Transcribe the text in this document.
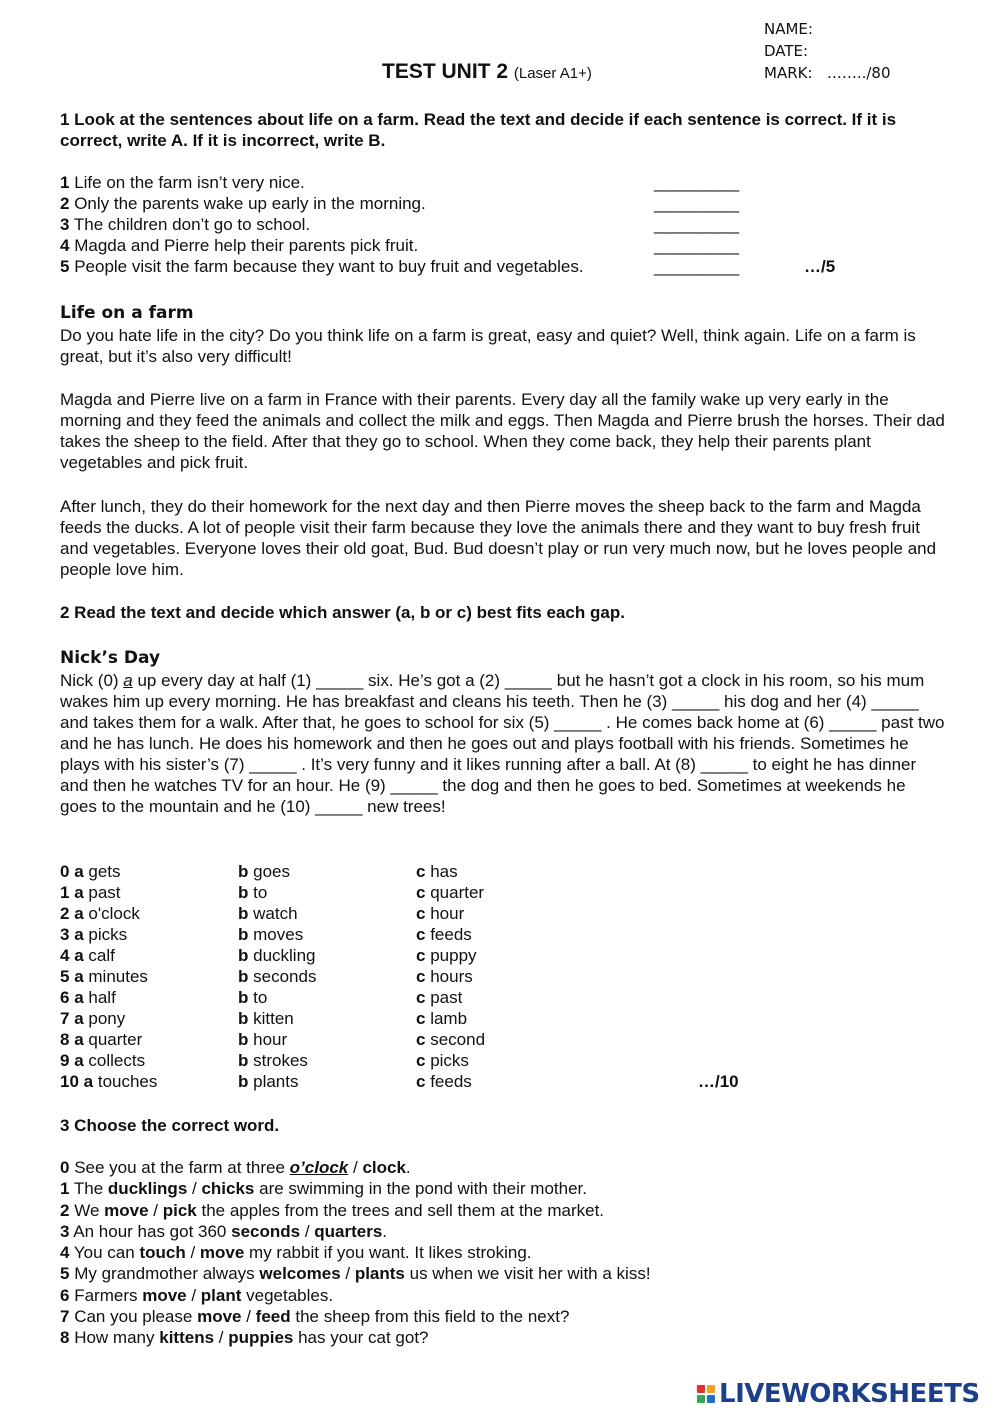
NAME:
DATE:
MARK: ……../80
TEST UNIT 2 (Laser A1+)
1 Look at the sentences about life on a farm. Read the text and decide if each sentence is correct. If it is correct, write A. If it is incorrect, write B.
1 Life on the farm isn’t very nice.	_________
2 Only the parents wake up early in the morning.	_________
3 The children don’t go to school.	_________
4 Magda and Pierre help their parents pick fruit.	_________
5 People visit the farm because they want to buy fruit and vegetables.	_________	…/5
Life on a farm
Do you hate life in the city? Do you think life on a farm is great, easy and quiet? Well, think again. Life on a farm is great, but it’s also very difficult!
Magda and Pierre live on a farm in France with their parents. Every day all the family wake up very early in the morning and they feed the animals and collect the milk and eggs. Then Magda and Pierre brush the horses. Their dad takes the sheep to the field. After that they go to school. When they come back, they help their parents plant vegetables and pick fruit.
After lunch, they do their homework for the next day and then Pierre moves the sheep back to the farm and Magda feeds the ducks. A lot of people visit their farm because they love the animals there and they want to buy fresh fruit and vegetables. Everyone loves their old goat, Bud. Bud doesn’t play or run very much now, but he loves people and people love him.
2 Read the text and decide which answer (a, b or c) best fits each gap.
Nick’s Day
Nick (0) a up every day at half (1) _____ six. He’s got a (2) _____ but he hasn’t got a clock in his room, so his mum wakes him up every morning. He has breakfast and cleans his teeth. Then he (3) _____ his dog and her (4) _____ and takes them for a walk. After that, he goes to school for six (5) _____ . He comes back home at (6) _____ past two and he has lunch. He does his homework and then he goes out and plays football with his friends. Sometimes he plays with his sister’s (7) _____ . It’s very funny and it likes running after a ball. At (8) _____ to eight he has dinner and then he watches TV for an hour. He (9) _____ the dog and then he goes to bed. Sometimes at weekends he goes to the mountain and he (10) _____ new trees!
0 a gets	b goes	c has
1 a past	b to	c quarter
2 a o'clock	b watch	c hour
3 a picks	b moves	c feeds
4 a calf	b duckling	c puppy
5 a minutes	b seconds	c hours
6 a half	b to	c past
7 a pony	b kitten	c lamb
8 a quarter	b hour	c second
9 a collects	b strokes	c picks
10 a touches	b plants	c feeds	…/10
3 Choose the correct word.
0 See you at the farm at three o’clock / clock.
1 The ducklings / chicks are swimming in the pond with their mother.
2 We move / pick the apples from the trees and sell them at the market.
3 An hour has got 360 seconds / quarters.
4 You can touch / move my rabbit if you want. It likes stroking.
5 My grandmother always welcomes / plants us when we visit her with a kiss!
6 Farmers move / plant vegetables.
7 Can you please move / feed the sheep from this field to the next?
8 How many kittens / puppies has your cat got?
LIVEWORKSHEETS
